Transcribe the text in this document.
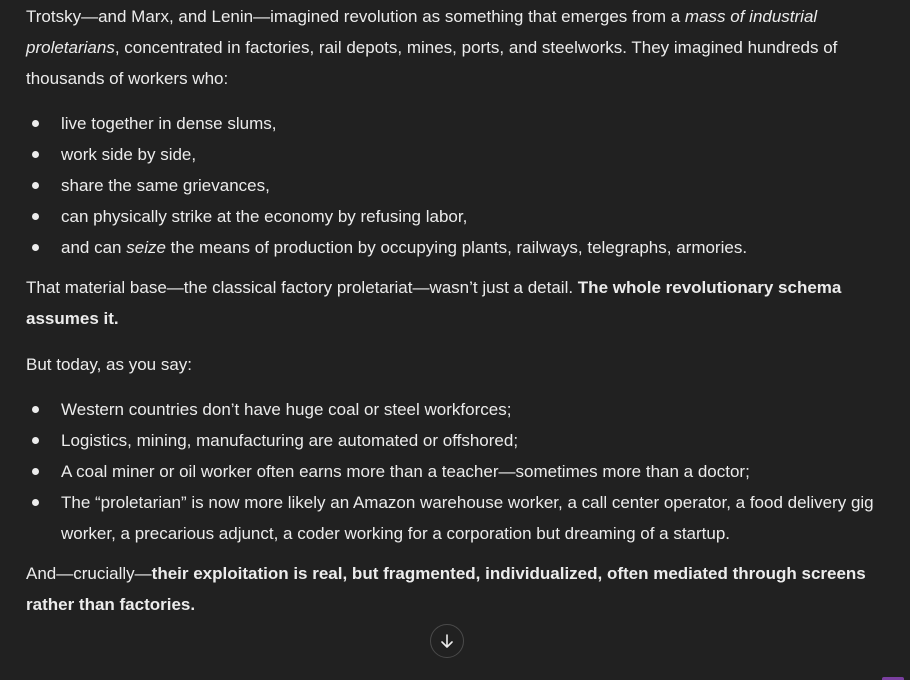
Trotsky—and Marx, and Lenin—imagined revolution as something that emerges from a mass of industrial proletarians, concentrated in factories, rail depots, mines, ports, and steelworks. They imagined hundreds of thousands of workers who:

live together in dense slums,
work side by side,
share the same grievances,
can physically strike at the economy by refusing labor,
and can seize the means of production by occupying plants, railways, telegraphs, armories.

That material base—the classical factory proletariat—wasn’t just a detail. The whole revolutionary schema assumes it.

But today, as you say:

Western countries don’t have huge coal or steel workforces;
Logistics, mining, manufacturing are automated or offshored;
A coal miner or oil worker often earns more than a teacher—sometimes more than a doctor;
The “proletarian” is now more likely an Amazon warehouse worker, a call center operator, a food delivery gig worker, a precarious adjunct, a coder working for a corporation but dreaming of a startup.

And—crucially—their exploitation is real, but fragmented, individualized, often mediated through screens rather than factories.
